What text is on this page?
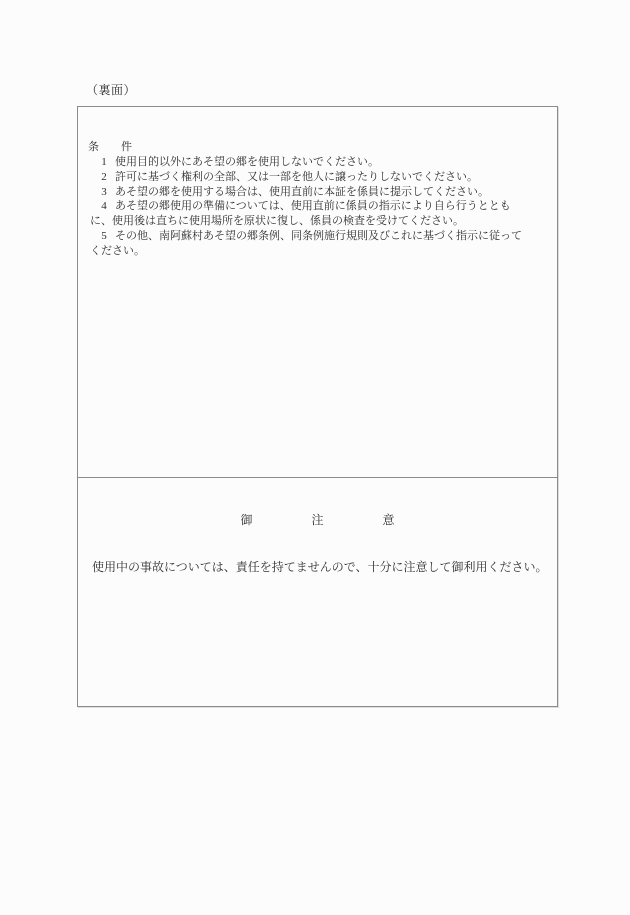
（裏面）
条　　件
1 使用目的以外にあそ望の郷を使用しないでください。
2 許可に基づく権利の全部、又は一部を他人に譲ったりしないでください。
3 あそ望の郷を使用する場合は、使用直前に本証を係員に提示してください。
4 あそ望の郷使用の準備については、使用直前に係員の指示により自ら行うととも
に、使用後は直ちに使用場所を原状に復し、係員の検査を受けてください。
5 その他、南阿蘇村あそ望の郷条例、同条例施行規則及びこれに基づく指示に従って
ください。
御	注	意
使用中の事故については、責任を持てませんので、十分に注意して御利用ください。
